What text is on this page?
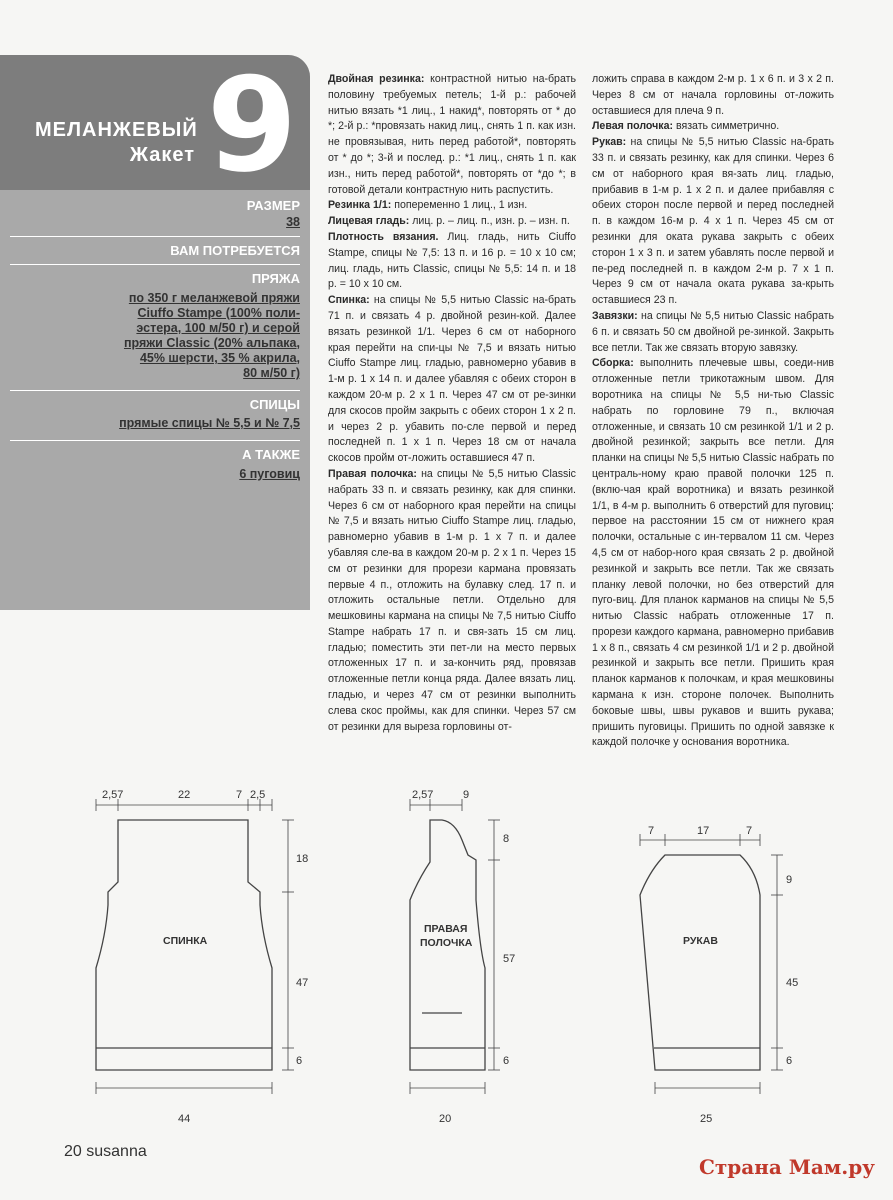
МЕЛАНЖЕВЫЙ
Жакет 9
РАЗМЕР
38
ВАМ ПОТРЕБУЕТСЯ
ПРЯЖА
по 350 г меланжевой пряжи
Ciuffo Stampe (100% поли-
эстера, 100 м/50 г) и серой
пряжи Classic (20% альпака,
45% шерсти, 35 % акрила,
80 м/50 г)
СПИЦЫ
прямые спицы № 5,5 и № 7,5
А ТАКЖЕ
6 пуговиц

Двойная резинка: контрастной нитью на-брать половину требуемых петель; 1-й р.: рабочей нитью вязать *1 лиц., 1 накид*, повторять от * до *; 2-й р.: *провязать накид лиц., снять 1 п. как изн. не провязывая, нить перед работой*, повторять от * до *; 3-й и послед. р.: *1 лиц., снять 1 п. как изн., нить перед работой*, повторять от *до *; в готовой детали контрастную нить распустить.

Резинка 1/1: попеременно 1 лиц., 1 изн.

Лицевая гладь: лиц. р. – лиц. п., изн. р. – изн. п.

Плотность вязания. Лиц. гладь, нить Ciuffo Stampe, спицы № 7,5: 13 п. и 16 р. = 10 х 10 см; лиц. гладь, нить Classic, спицы № 5,5: 14 п. и 18 р. = 10 х 10 см.

Спинка: на спицы № 5,5 нитью Classic на-брать 71 п. и связать 4 р. двойной резин-кой. Далее вязать резинкой 1/1. Через 6 см от наборного края перейти на спи-цы № 7,5 и вязать нитью Ciuffo Stampe лиц. гладью, равномерно убавив в 1-м р. 1 х 14 п. и далее убавляя с обеих сторон в каждом 20-м р. 2 х 1 п. Через 47 см от ре-зинки для скосов пройм закрыть с обеих сторон 1 х 2 п. и через 2 р. убавить по-сле первой и перед последней п. 1 х 1 п. Через 18 см от начала скосов пройм от-ложить оставшиеся 47 п.

Правая полочка: на спицы № 5,5 нитью Classic набрать 33 п. и связать резинку, как для спинки. Через 6 см от наборного края перейти на спицы № 7,5 и вязать нитью Ciuffo Stampe лиц. гладью, равномерно убавив в 1-м р. 1 х 7 п. и далее убавляя сле-ва в каждом 20-м р. 2 х 1 п. Через 15 см от резинки для прорези кармана провязать первые 4 п., отложить на булавку след. 17 п. и отложить остальные петли. Отдельно для мешковины кармана на спицы № 7,5 нитью Ciuffo Stampe набрать 17 п. и свя-зать 15 см лиц. гладью; поместить эти пет-ли на место первых отложенных 17 п. и за-кончить ряд, провязав отложенные петли конца ряда. Далее вязать лиц. гладью, и через 47 см от резинки выполнить слева скос проймы, как для спинки. Через 57 см от резинки для выреза горловины от-

ложить справа в каждом 2-м р. 1 х 6 п. и 3 х 2 п. Через 8 см от начала горловины от-ложить оставшиеся для плеча 9 п.

Левая полочка: вязать симметрично.

Рукав: на спицы № 5,5 нитью Classic на-брать 33 п. и связать резинку, как для спинки. Через 6 см от наборного края вя-зать лиц. гладью, прибавив в 1-м р. 1 х 2 п. и далее прибавляя с обеих сторон после первой и перед последней п. в каждом 16-м р. 4 х 1 п. Через 45 см от резинки для оката рукава закрыть с обеих сторон 1 х 3 п. и затем убавлять после первой и пе-ред последней п. в каждом 2-м р. 7 х 1 п. Через 9 см от начала оката рукава за-крыть оставшиеся 23 п.

Завязки: на спицы № 5,5 нитью Classic набрать 6 п. и связать 50 см двойной ре-зинкой. Закрыть все петли. Так же связать вторую завязку.

Сборка: выполнить плечевые швы, соеди-нив отложенные петли трикотажным швом. Для воротника на спицы № 5,5 ни-тью Classic набрать по горловине 79 п., включая отложенные, и связать 10 см резинкой 1/1 и 2 р. двойной резинкой; закрыть все петли. Для планки на спицы № 5,5 нитью Classic набрать по централь-ному краю правой полочки 125 п. (вклю-чая край воротника) и вязать резинкой 1/1, в 4-м р. выполнить 6 отверстий для пуговиц: первое на расстоянии 15 см от нижнего края полочки, остальные с ин-тервалом 11 см. Через 4,5 см от набор-ного края связать 2 р. двойной резинкой и закрыть все петли. Так же связать планку левой полочки, но без отверстий для пуго-виц. Для планок карманов на спицы № 5,5 нитью Classic набрать отложенные 17 п. прорези каждого кармана, равномерно прибавив 1 х 8 п., связать 4 см резинкой 1/1 и 2 р. двойной резинкой и закрыть все петли. Пришить края планок карманов к полочкам, и края мешковины кармана к изн. стороне полочек. Выполнить боковые швы, швы рукавов и вшить рукава; пришить пуговицы. Пришить по одной завязке к каждой полочке у основания воротника.

СПИНКА
2,57	22	7 2,5
18
47
6
44
ПРАВАЯ
ПОЛОЧКА
2,57	9
8
57
6
20
РУКАВ
7	17	7
9
45
6
25
20 susanna
Страна Мам.ру
